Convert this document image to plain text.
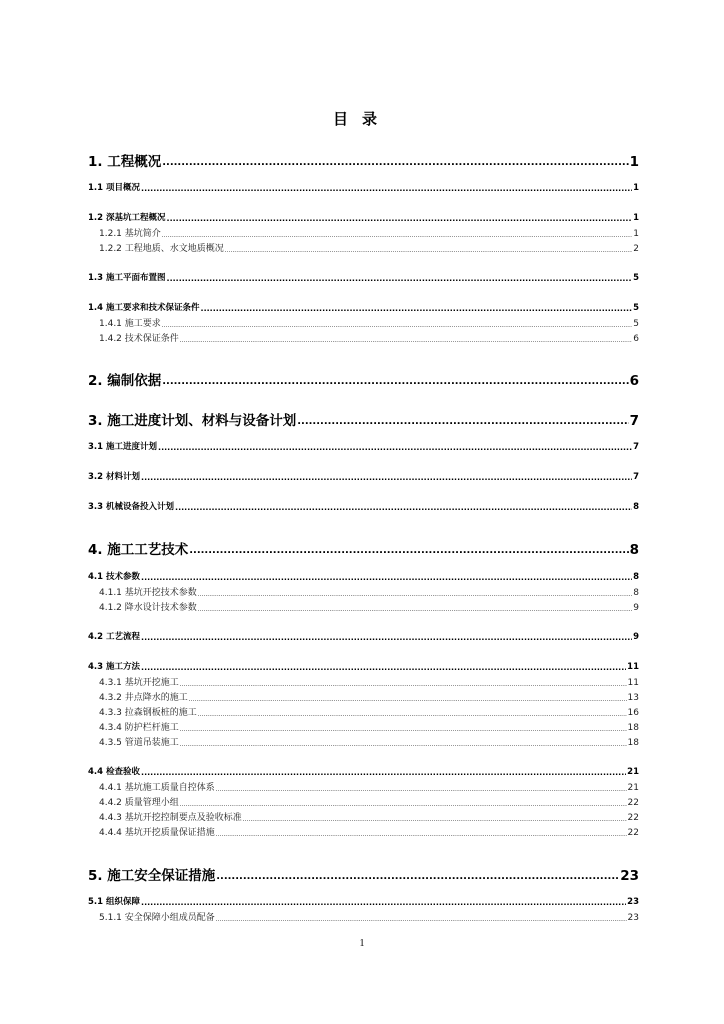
目录
1. 工程概况 .....	1
1.1 项目概况 .....	1
1.2 深基坑工程概况 .....	1
1.2.1 基坑简介 .....	1
1.2.2 工程地质、水文地质概况 .....	2
1.3 施工平面布置图 .....	5
1.4 施工要求和技术保证条件 .....	5
1.4.1 施工要求 .....	5
1.4.2 技术保证条件 .....	6
2. 编制依据 .....	6
3. 施工进度计划、材料与设备计划 .....	7
3.1 施工进度计划 .....	7
3.2 材料计划 .....	7
3.3 机械设备投入计划 .....	8
4. 施工工艺技术 .....	8
4.1 技术参数 .....	8
4.1.1 基坑开挖技术参数 .....	8
4.1.2 降水设计技术参数 .....	9
4.2 工艺流程 .....	9
4.3 施工方法 .....	11
4.3.1 基坑开挖施工 .....	11
4.3.2 井点降水的施工 .....	13
4.3.3 拉森钢板桩的施工 .....	16
4.3.4 防护栏杆施工 .....	18
4.3.5 管道吊装施工 .....	18
4.4 检查验收 .....	21
4.4.1 基坑施工质量自控体系 .....	21
4.4.2 质量管理小组 .....	22
4.4.3 基坑开挖控制要点及验收标准 .....	22
4.4.4 基坑开挖质量保证措施 .....	22
5. 施工安全保证措施 .....	23
5.1 组织保障 .....	23
5.1.1 安全保障小组成员配备 .....	23
1
